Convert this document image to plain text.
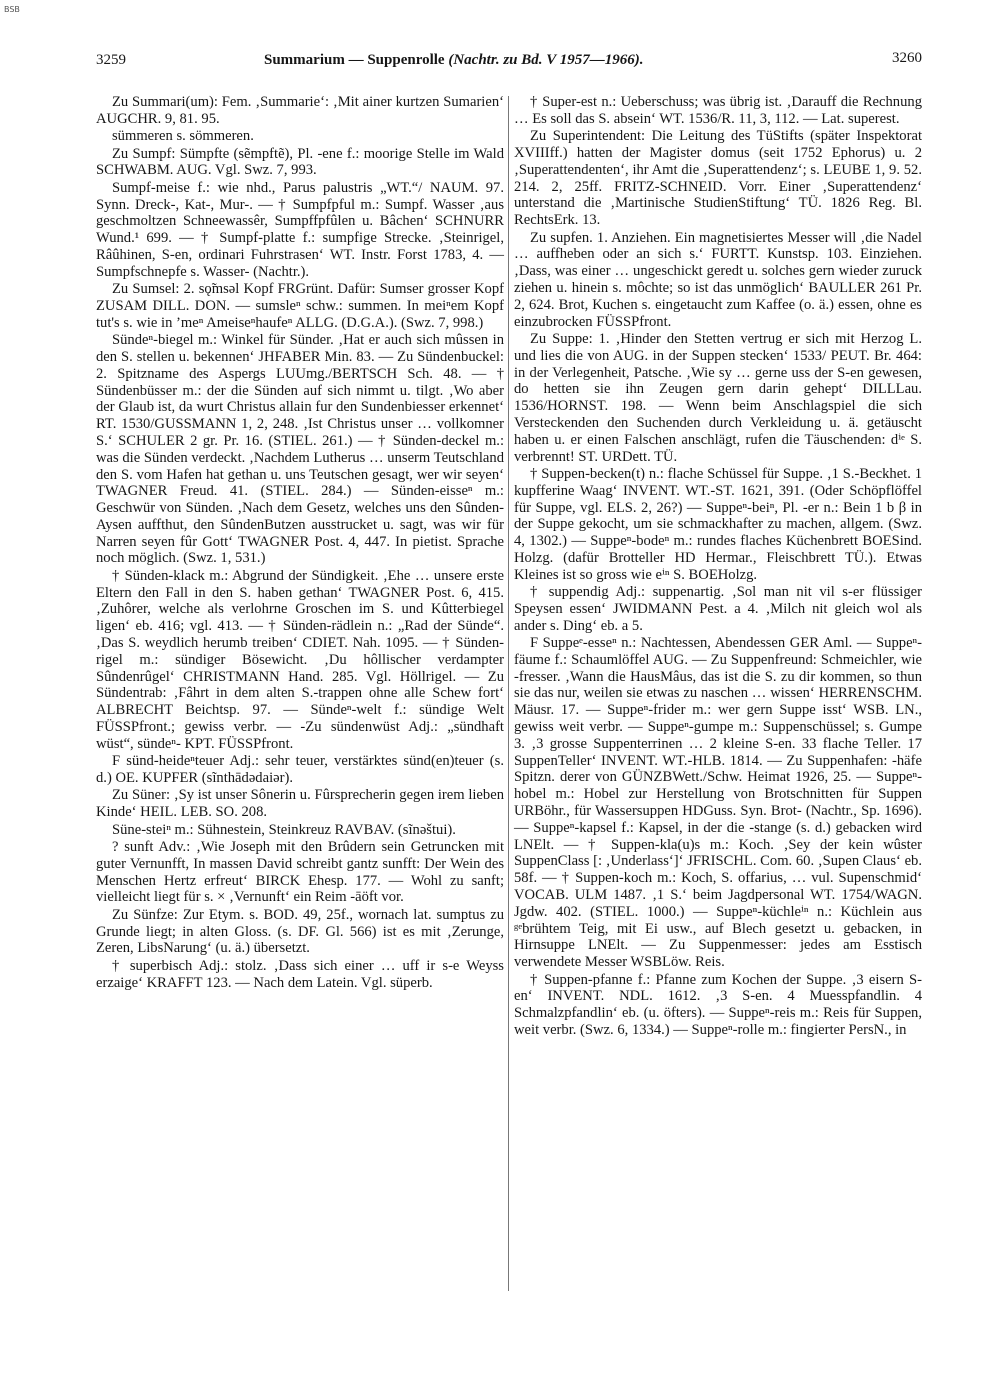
BSB
3259	Summarium — Suppenrolle (Nachtr. zu Bd. V 1957—1966).	3260

Zu Summari(um): Fem. ‚Summarie‘: ‚Mit ainer kurtzen Sumarien‘ AUGCHR. 9, 81. 95.

sümmeren s. sömmeren.

Zu Sumpf: Sümpfte (sẽmpftẽ), Pl. -ene f.: moorige Stelle im Wald SCHWABM. AUG. Vgl. Swz. 7, 993.

Sumpf-meise f.: wie nhd., Parus palustris „WT.“/ NAUM. 97. Synn. Dreck-, Kat-, Mur-. — † Sumpfpful m.: Sumpf. Wasser ‚aus geschmoltzen Schneewassêr, Sumpffpfûlen u. Bâchen‘ SCHNURR Wund.¹ 699. — † Sumpf-platte f.: sumpfige Strecke. ‚Steinrigel, Râûhinen, S-en, ordinari Fuhrstrasen‘ WT. Instr. Forst 1783, 4. — Sumpfschnepfe s. Wasser- (Nachtr.).

Zu Sumsel: 2. sǫ̃msəl Kopf FRGrünt. Dafür: Sumser grosser Kopf ZUSAM DILL. DON. — sumsleⁿ schw.: summen. In meiⁿem Kopf tut's s. wie in ’meⁿ Ameiseⁿhaufeⁿ ALLG. (D.G.A.). (Swz. 7, 998.)

Sündeⁿ-biegel m.: Winkel für Sünder. ‚Hat er auch sich mûssen in den S. stellen u. bekennen‘ JHFABER Min. 83. — Zu Sündenbuckel: 2. Spitzname des Aspergs LUUmg./BERTSCH Sch. 48. — † Sündenbüsser m.: der die Sünden auf sich nimmt u. tilgt. ‚Wo aber der Glaub ist, da wurt Christus allain fur den Sundenbiesser erkennet‘ RT. 1530/GUSSMANN 1, 2, 248. ‚Ist Christus unser … vollkomner S.‘ SCHULER 2 gr. Pr. 16. (STIEL. 261.) — † Sünden-deckel m.: was die Sünden verdeckt. ‚Nachdem Lutherus … unserm Teutschland den S. vom Hafen hat gethan u. uns Teutschen gesagt, wer wir seyen‘ TWAGNER Freud. 41. (STIEL. 284.) — Sünden-eisseⁿ m.: Geschwür von Sünden. ‚Nach dem Gesetz, welches uns den Sûnden-Aysen auffthut, den SûndenButzen ausstrucket u. sagt, was wir für Narren seyen fûr Gott‘ TWAGNER Post. 4, 447. In pietist. Sprache noch möglich. (Swz. 1, 531.)

† Sünden-klack m.: Abgrund der Sündigkeit. ‚Ehe … unsere erste Eltern den Fall in den S. haben gethan‘ TWAGNER Post. 6, 415. ‚Zuhôrer, welche als verlohrne Groschen im S. und Kûtterbiegel ligen‘ eb. 416; vgl. 413. — † Sünden-rädlein n.: „Rad der Sünde“. ‚Das S. weydlich herumb treiben‘ CDIET. Nah. 1095. — † Sünden-rigel m.: sündiger Bösewicht. ‚Du hôllischer verdampter Sûndenrûgel‘ CHRISTMANN Hand. 285. Vgl. Höllrigel. — Zu Sündentrab: ‚Fâhrt in dem alten S.-trappen ohne alle Schew fort‘ ALBRECHT Beichtsp. 97. — Sündeⁿ-welt f.: sündige Welt FÜSSPfront.; gewiss verbr. — -Zu sündenwüst Adj.: „sündhaft wüst“, sündeⁿ- KPT. FÜSSPfront.

F sünd-heideⁿteuer Adj.: sehr teuer, verstärktes sünd(en)teuer (s. d.) OE. KUPFER (sĩnthādədaiər).

Zu Süner: ‚Sy ist unser Sônerin u. Fûrsprecherin gegen irem lieben Kinde‘ HEIL. LEB. SO. 208.

Süne-steiⁿ m.: Sühnestein, Steinkreuz RAVBAV. (sĩnəštui).

? sunft Adv.: ‚Wie Joseph mit den Brûdern sein Getruncken mit guter Vernunfft, In massen David schreibt gantz sunfft: Der Wein des Menschen Hertz erfreut‘ BIRCK Ehesp. 177. — Wohl zu sanft; vielleicht liegt für s. × ‚Vernunft‘ ein Reim -āöft vor.

Zu Sünfze: Zur Etym. s. BOD. 49, 25f., wornach lat. sumptus zu Grunde liegt; in alten Gloss. (s. DF. Gl. 566) ist es mit ‚Zerunge, Zeren, LibsNarung‘ (u. ä.) übersetzt.

† superbisch Adj.: stolz. ‚Dass sich einer … uff ir s-e Weyss erzaige‘ KRAFFT 123. — Nach dem Latein. Vgl. süperb.

† Super-est n.: Ueberschuss; was übrig ist. ‚Darauff die Rechnung … Es soll das S. absein‘ WT. 1536/R. 11, 3, 112. — Lat. superest.

Zu Superintendent: Die Leitung des TüStifts (später Inspektorat XVIIIff.) hatten der Magister domus (seit 1752 Ephorus) u. 2 ‚Superattendenten‘, ihr Amt die ‚Superattendenz‘; s. LEUBE 1, 9. 52. 214. 2, 25ff. FRITZ-SCHNEID. Vorr. Einer ‚Superattendenz‘ unterstand die ‚Martinische StudienStiftung‘ TÜ. 1826 Reg. Bl. RechtsErk. 13.

Zu supfen. 1. Anziehen. Ein magnetisiertes Messer will ‚die Nadel … auffheben oder an sich s.‘ FURTT. Kunstsp. 103. Einziehen. ‚Dass, was einer … ungeschickt geredt u. solches gern wieder zuruck ziehen u. hinein s. môchte; so ist das unmöglich‘ BAULLER 261 Pr. 2, 624. Brot, Kuchen s. eingetaucht zum Kaffee (o. ä.) essen, ohne es einzubrocken FÜSSPfront.

Zu Suppe: 1. ‚Hinder den Stetten vertrug er sich mit Herzog L. und lies die von AUG. in der Suppen stecken‘ 1533/ PEUT. Br. 464: in der Verlegenheit, Patsche. ‚Wie sy … gerne uss der S-en gewesen, do hetten sie ihn Zeugen gern darin gehept‘ DILLLau. 1536/HORNST. 198. — Wenn beim Anschlagspiel die sich Versteckenden den Suchenden durch Verkleidung u. ä. getäuscht haben u. er einen Falschen anschlägt, rufen die Täuschenden: dⁱᵉ S. verbrennt! ST. URDett. TÜ.

† Suppen-becken(t) n.: flache Schüssel für Suppe. ‚1 S.-Beckhet. 1 kupfferine Waag‘ INVENT. WT.-ST. 1621, 391. (Oder Schöpflöffel für Suppe, vgl. ELS. 2, 26?) — Suppeⁿ-beiⁿ, Pl. -er n.: Bein 1 b β in der Suppe gekocht, um sie schmackhafter zu machen, allgem. (Swz. 4, 1302.) — Suppeⁿ-bodeⁿ m.: rundes flaches Küchenbrett BOESind. Holzg. (dafür Brotteller HD Hermar., Fleischbrett TÜ.). Etwas Kleines ist so gross wie eⁱⁿ S. BOEHolzg.

† suppendig Adj.: suppenartig. ‚Sol man nit vil s-er flüssiger Speysen essen‘ JWIDMANN Pest. a 4. ‚Milch nit gleich wol als ander s. Ding‘ eb. a 5.

F Suppeᵉ-esseⁿ n.: Nachtessen, Abendessen GER Aml. — Suppeⁿ-fäume f.: Schaumlöffel AUG. — Zu Suppenfreund: Schmeichler, wie -fresser. ‚Wann die HausMâus, das ist die S. zu dir kommen, so thun sie das nur, weilen sie etwas zu naschen … wissen‘ HERRENSCHM. Mäusr. 17. — Suppeⁿ-frider m.: wer gern Suppe isst‘ WSB. LN., gewiss weit verbr. — Suppeⁿ-gumpe m.: Suppenschüssel; s. Gumpe 3. ‚3 grosse Suppenterrinen … 2 kleine S-en. 33 flache Teller. 17 SuppenTeller‘ INVENT. WT.-HLB. 1814. — Zu Suppenhafen: -häfe Spitzn. derer von GÜNZBWett./Schw. Heimat 1926, 25. — Suppeⁿ-hobel m.: Hobel zur Herstellung von Brotschnitten für Suppen URBöhr., für Wassersuppen HDGuss. Syn. Brot- (Nachtr., Sp. 1696). — Suppeⁿ-kapsel f.: Kapsel, in der die -stange (s. d.) gebacken wird LNElt. — † Suppen-kla(u)s m.: Koch. ‚Sey der kein wûster SuppenClass [: ‚Underlass‘]‘ JFRISCHL. Com. 60. ‚Supen Claus‘ eb. 58f. — † Suppen-koch m.: Koch, S. offarius, … vul. Supenschmid‘ VOCAB. ULM 1487. ‚1 S.‘ beim Jagdpersonal WT. 1754/WAGN. Jgdw. 402. (STIEL. 1000.) — Suppeⁿ-küchleⁱⁿ n.: Küchlein aus ᵍᵉbrühtem Teig, mit Ei usw., auf Blech gesetzt u. gebacken, in Hirnsuppe LNElt. — Zu Suppenmesser: jedes am Esstisch verwendete Messer WSBLöw. Reis.

† Suppen-pfanne f.: Pfanne zum Kochen der Suppe. ‚3 eisern S-en‘ INVENT. NDL. 1612. ‚3 S-en. 4 Muesspfandlin. 4 Schmalzpfandlin‘ eb. (u. öfters). — Suppeⁿ-reis m.: Reis für Suppen, weit verbr. (Swz. 6, 1334.) — Suppeⁿ-rolle m.: fingierter PersN., in
